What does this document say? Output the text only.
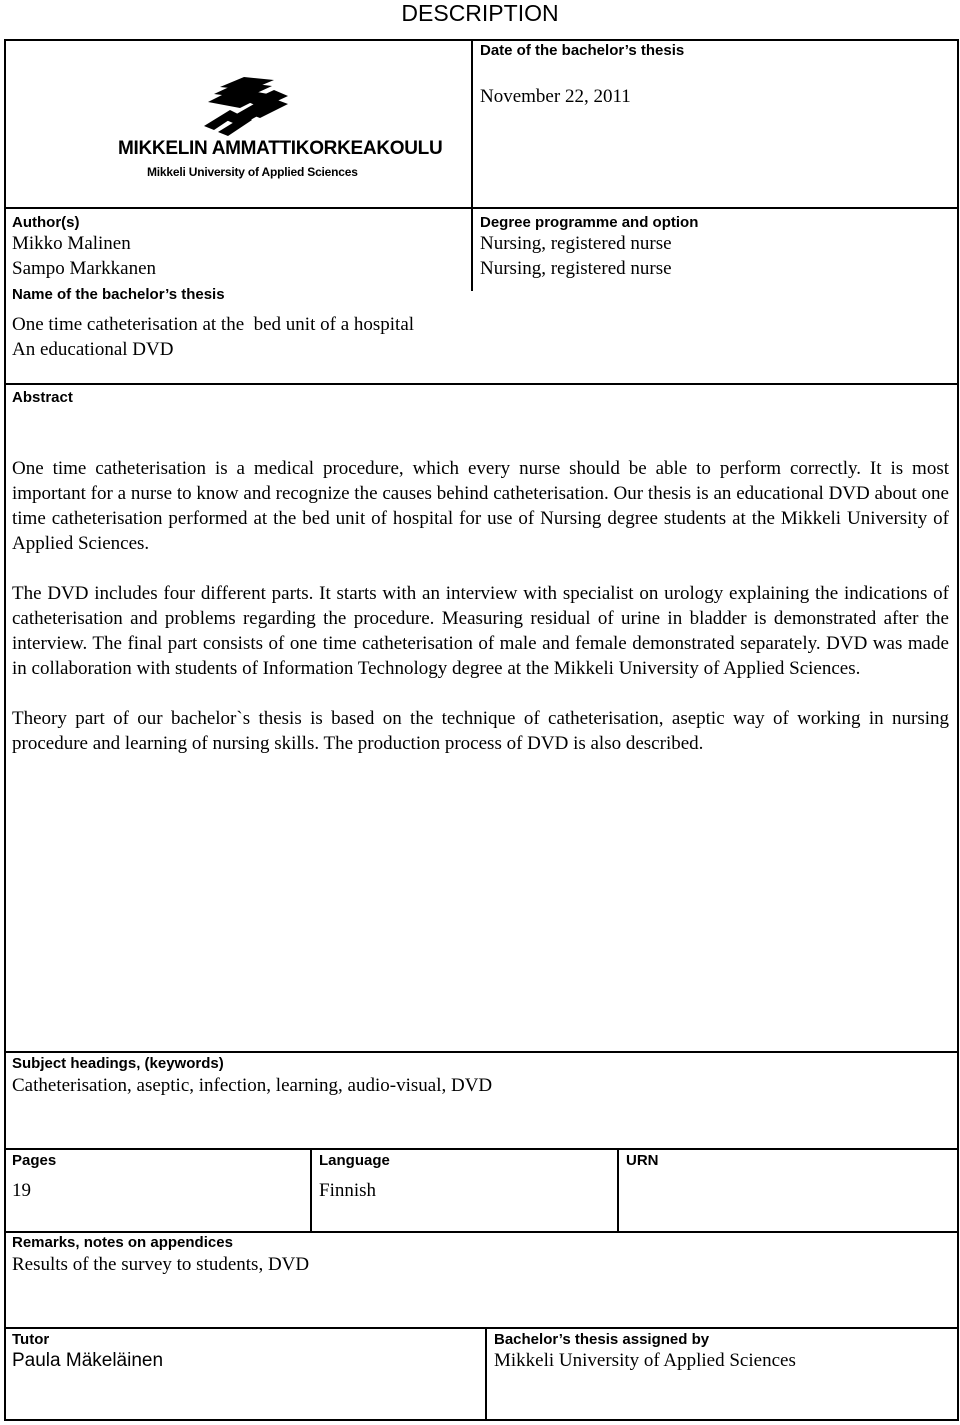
DESCRIPTION
MIKKELIN AMMATTIKORKEAKOULU
Mikkeli University of Applied Sciences
Date of the bachelor’s thesis
November 22, 2011
Author(s)
Mikko Malinen
Sampo Markkanen
Degree programme and option
Nursing, registered nurse
Nursing, registered nurse
Name of the bachelor’s thesis
One time catheterisation at the  bed unit of a hospital
An educational DVD
Abstract

One time catheterisation is a medical procedure, which every nurse should be able to perform correctly. It is most important for a nurse to know and recognize the causes behind catheterisation. Our thesis is an educational DVD about one time catheterisation performed at the bed unit of hospital for use of Nursing degree students at the Mikkeli University of Applied Sciences.

The DVD includes four different parts. It starts with an interview with specialist on urology explaining the indications of catheterisation and problems regarding the procedure. Measuring residual of urine in bladder is demonstrated after the interview. The final part consists of one time catheterisation of male and female demonstrated separately. DVD was made in collaboration with students of Information Technology degree at the Mikkeli University of Applied Sciences.

Theory part of our bachelor`s thesis is based on the technique of catheterisation, aseptic way of working in nursing procedure and learning of nursing skills. The production process of DVD is also described.

Subject headings, (keywords)
Catheterisation, aseptic, infection, learning, audio-visual, DVD
Pages
19
Language
Finnish
URN
Remarks, notes on appendices
Results of the survey to students, DVD
Tutor
Paula Mäkeläinen
Bachelor’s thesis assigned by
Mikkeli University of Applied Sciences
